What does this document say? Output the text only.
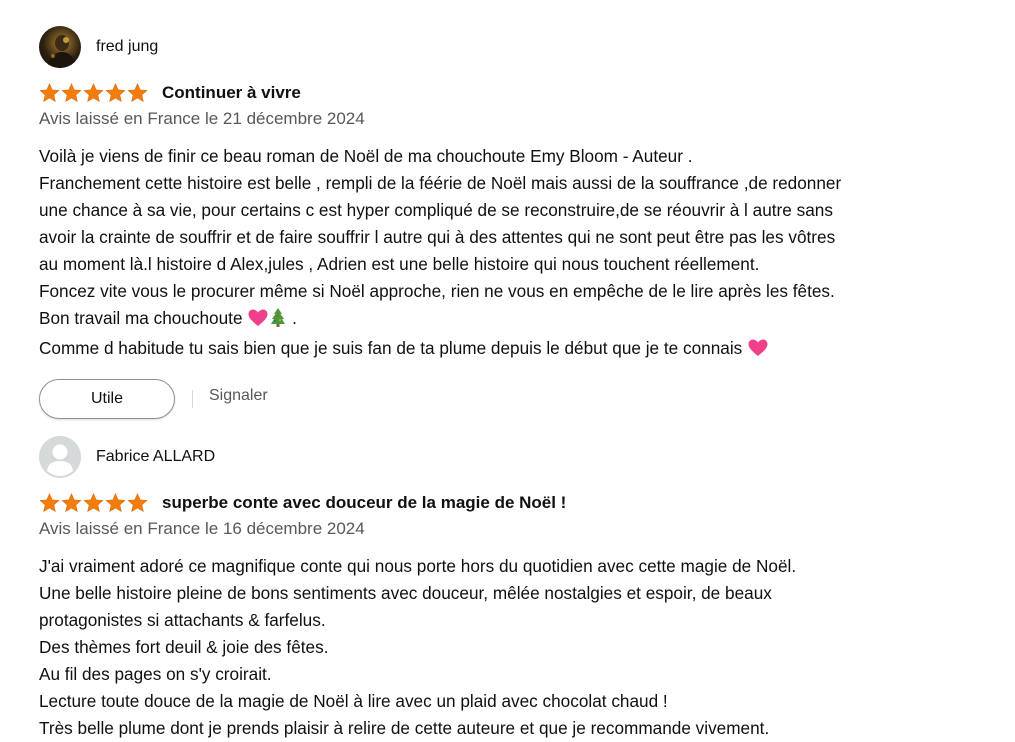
fred jung
Continuer à vivre
Avis laissé en France le 21 décembre 2024
Voilà je viens de finir ce beau roman de Noël de ma chouchoute Emy Bloom - Auteur .
Franchement cette histoire est belle , rempli de la féérie de Noël mais aussi de la souffrance ,de redonner
une chance à sa vie, pour certains c est hyper compliqué de se reconstruire,de se réouvrir à l autre sans
avoir la crainte de souffrir et de faire souffrir l autre qui à des attentes qui ne sont peut être pas les vôtres
au moment là.l histoire d Alex,jules , Adrien est une belle histoire qui nous touchent réellement.
Foncez vite vous le procurer même si Noël approche, rien ne vous en empêche de le lire après les fêtes.
Bon travail ma chouchoute	.
Comme d habitude tu sais bien que je suis fan de ta plume depuis le début que je te connais
Utile	Signaler
Fabrice ALLARD
superbe conte avec douceur de la magie de Noël !
Avis laissé en France le 16 décembre 2024
J'ai vraiment adoré ce magnifique conte qui nous porte hors du quotidien avec cette magie de Noël.
Une belle histoire pleine de bons sentiments avec douceur, mêlée nostalgies et espoir, de beaux
protagonistes si attachants & farfelus.
Des thèmes fort deuil & joie des fêtes.
Au fil des pages on s'y croirait.
Lecture toute douce de la magie de Noël à lire avec un plaid avec chocolat chaud !
Très belle plume dont je prends plaisir à relire de cette auteure et que je recommande vivement.
